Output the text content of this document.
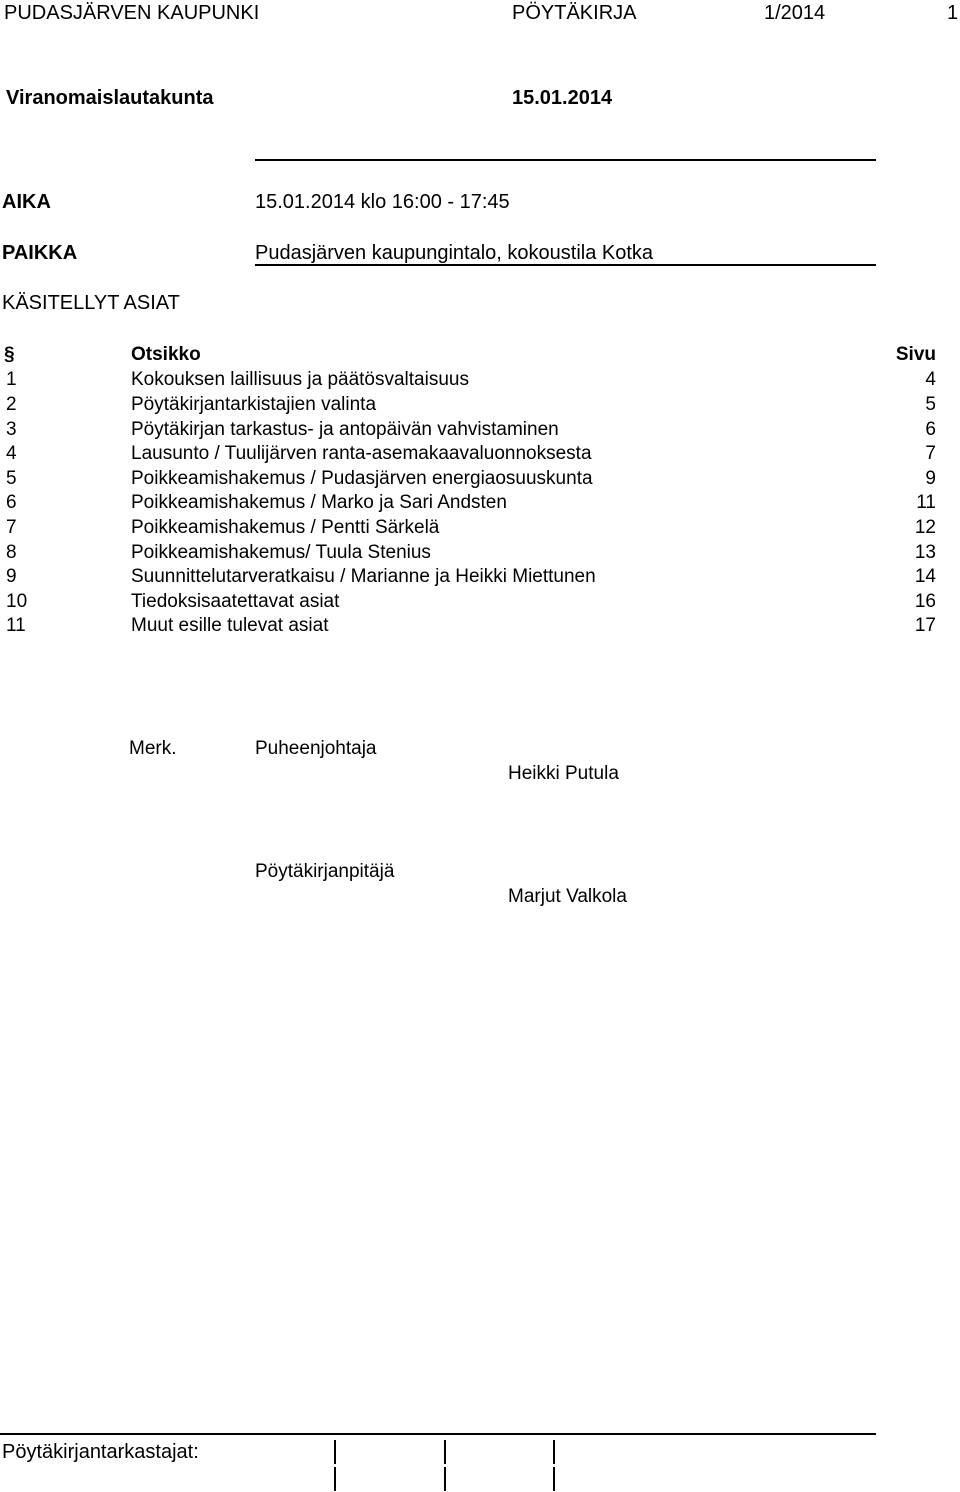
PUDASJÄRVEN KAUPUNKI	PÖYTÄKIRJA	1/2014	1
Viranomaislautakunta	15.01.2014
AIKA	15.01.2014 klo 16:00 - 17:45
PAIKKA	Pudasjärven kaupungintalo, kokoustila Kotka
KÄSITELLYT ASIAT
§	Otsikko	Sivu
1	Kokouksen laillisuus ja päätösvaltaisuus	4
2	Pöytäkirjantarkistajien valinta	5
3	Pöytäkirjan tarkastus- ja antopäivän vahvistaminen	6
4	Lausunto / Tuulijärven ranta-asemakaavaluonnoksesta	7
5	Poikkeamishakemus / Pudasjärven energiaosuuskunta	9
6	Poikkeamishakemus / Marko ja Sari Andsten	11
7	Poikkeamishakemus / Pentti Särkelä	12
8	Poikkeamishakemus/ Tuula Stenius	13
9	Suunnittelutarveratkaisu / Marianne ja Heikki Miettunen	14
10	Tiedoksisaatettavat asiat	16
11	Muut esille tulevat asiat	17
Merk.	Puheenjohtaja
Heikki Putula
Pöytäkirjanpitäjä
Marjut Valkola
Pöytäkirjantarkastajat:
